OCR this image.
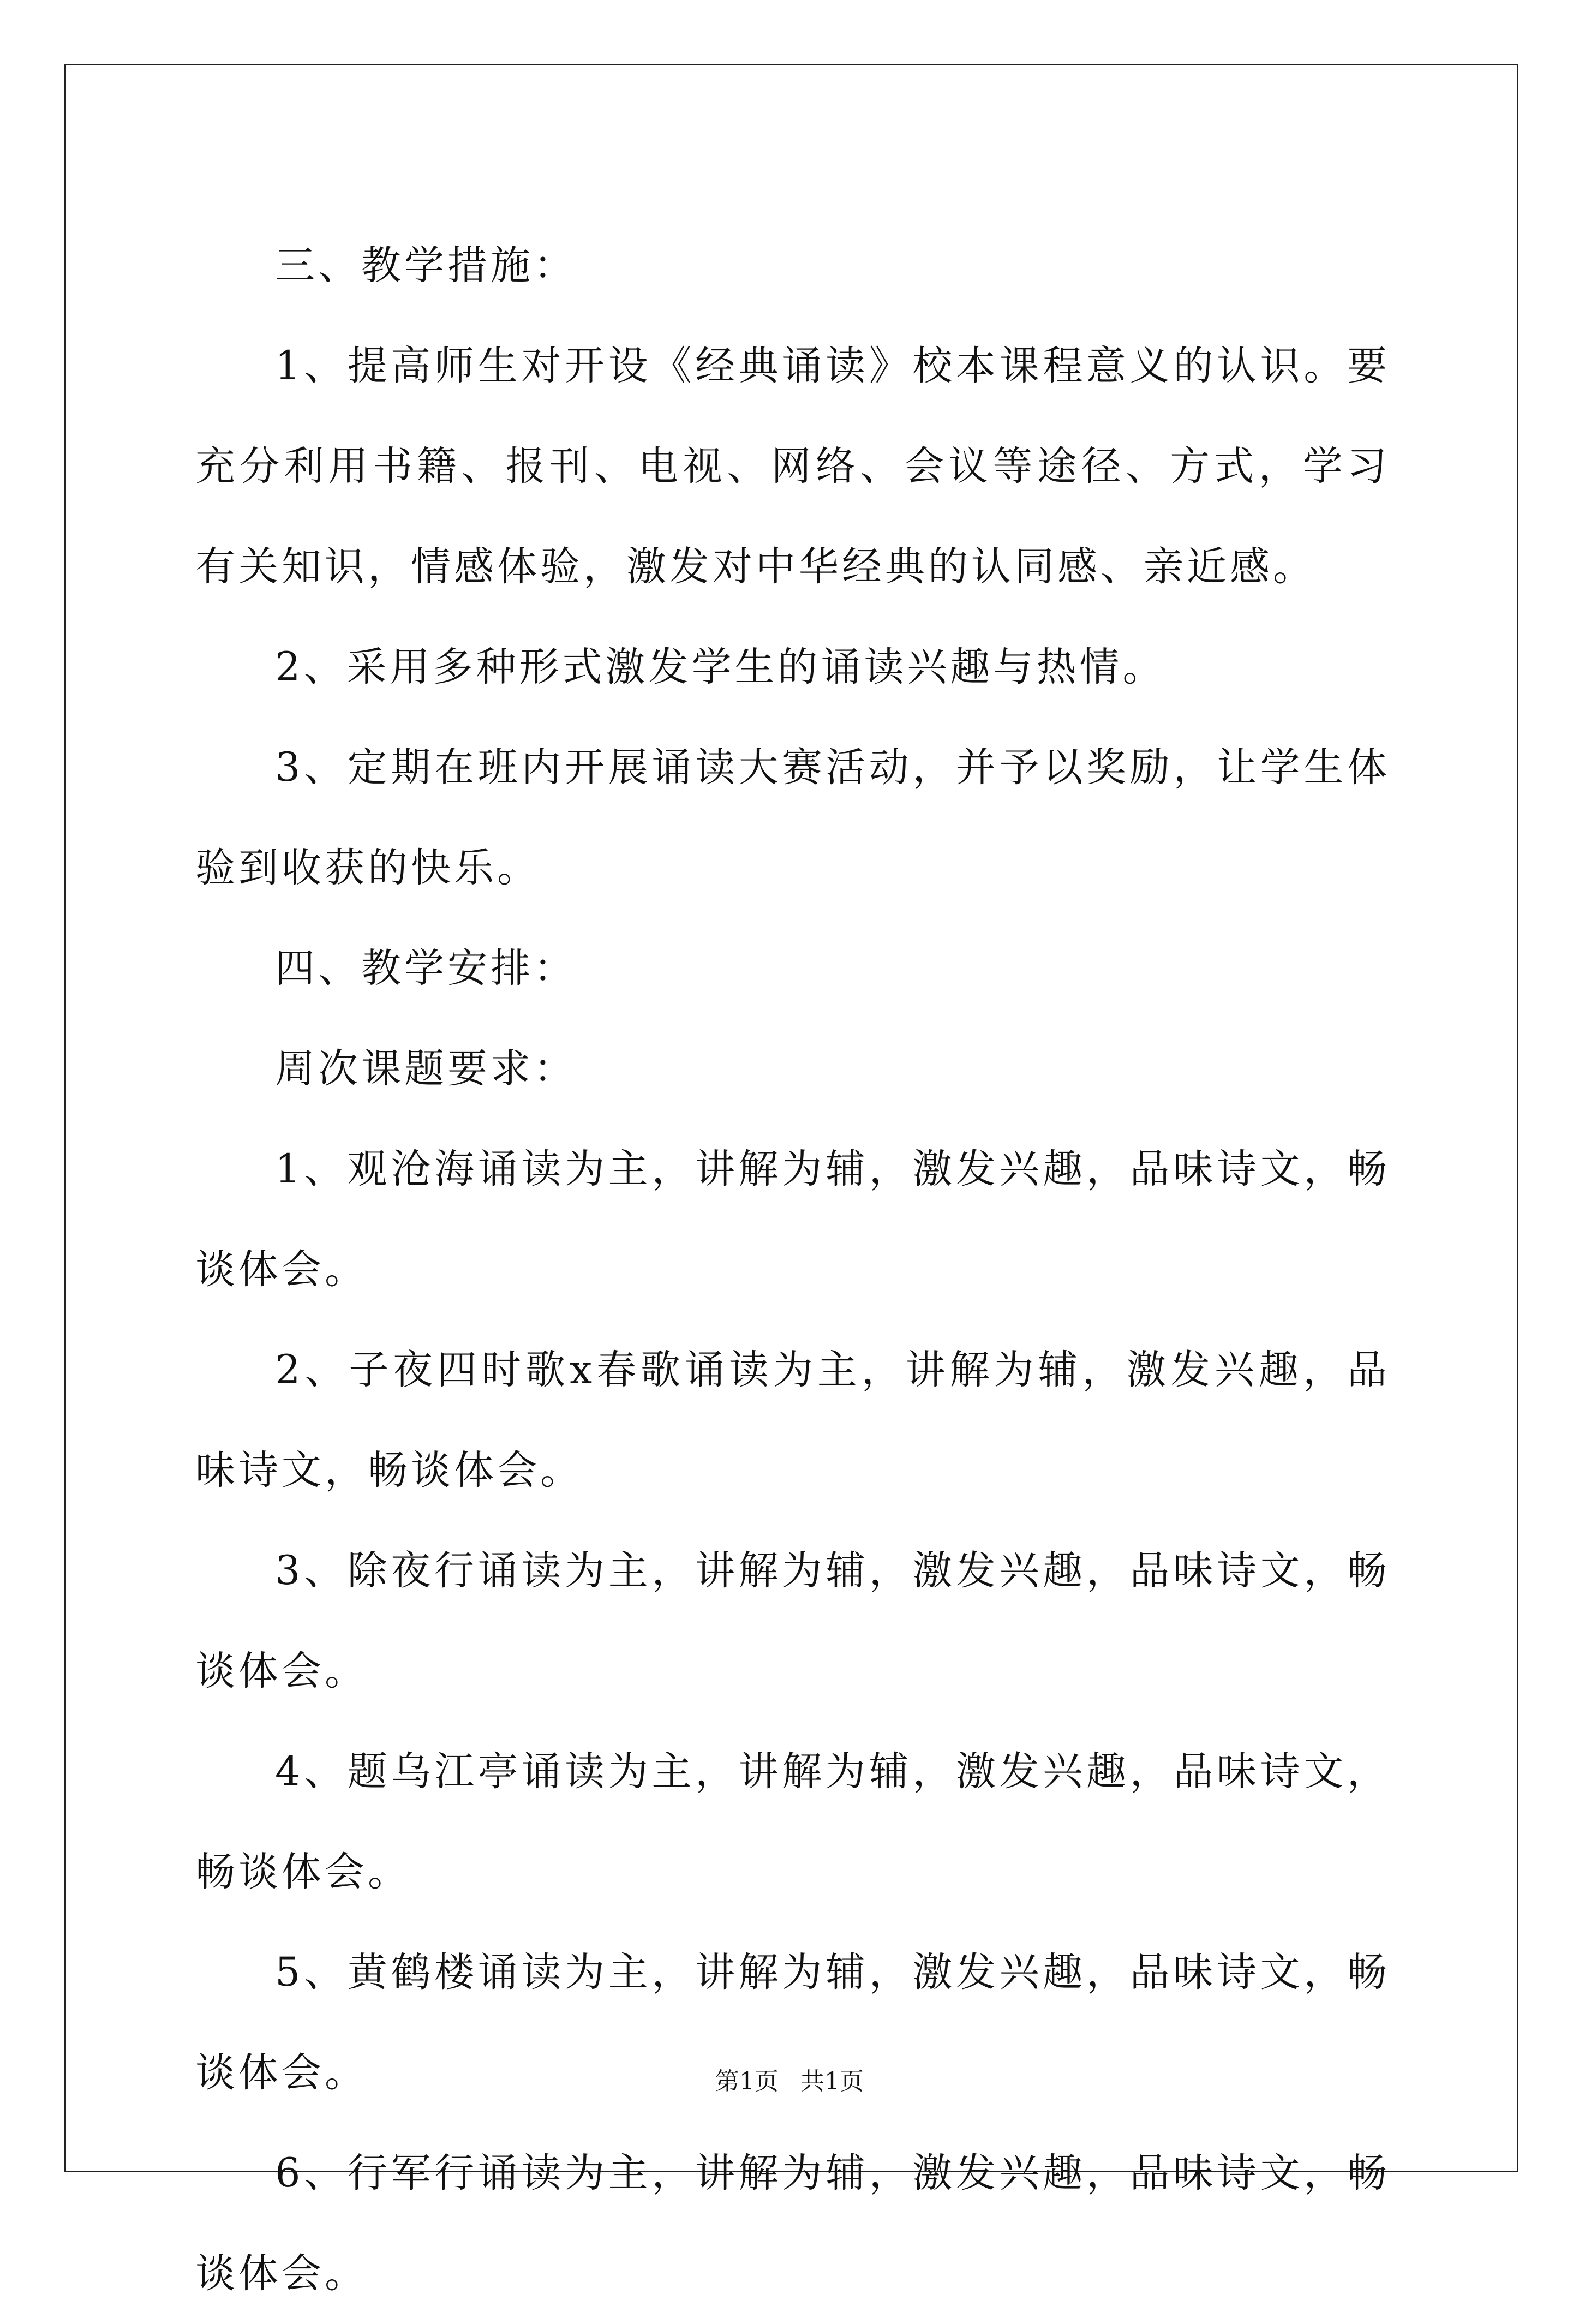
三、教学措施：

1、提高师生对开设《经典诵读》校本课程意义的认识。要充分利用书籍、报刊、电视、网络、会议等途径、方式，学习有关知识，情感体验，激发对中华经典的认同感、亲近感。

2、采用多种形式激发学生的诵读兴趣与热情。

3、定期在班内开展诵读大赛活动，并予以奖励，让学生体验到收获的快乐。

四、教学安排：

周次课题要求：

1、观沧海诵读为主，讲解为辅，激发兴趣，品味诗文，畅谈体会。

2、子夜四时歌x春歌诵读为主，讲解为辅，激发兴趣，品味诗文，畅谈体会。

3、除夜行诵读为主，讲解为辅，激发兴趣，品味诗文，畅谈体会。

4、题乌江亭诵读为主，讲解为辅，激发兴趣，品味诗文，畅谈体会。

5、黄鹤楼诵读为主，讲解为辅，激发兴趣，品味诗文，畅谈体会。

6、行军行诵读为主，讲解为辅，激发兴趣，品味诗文，畅谈体会。

第1页 共1页
